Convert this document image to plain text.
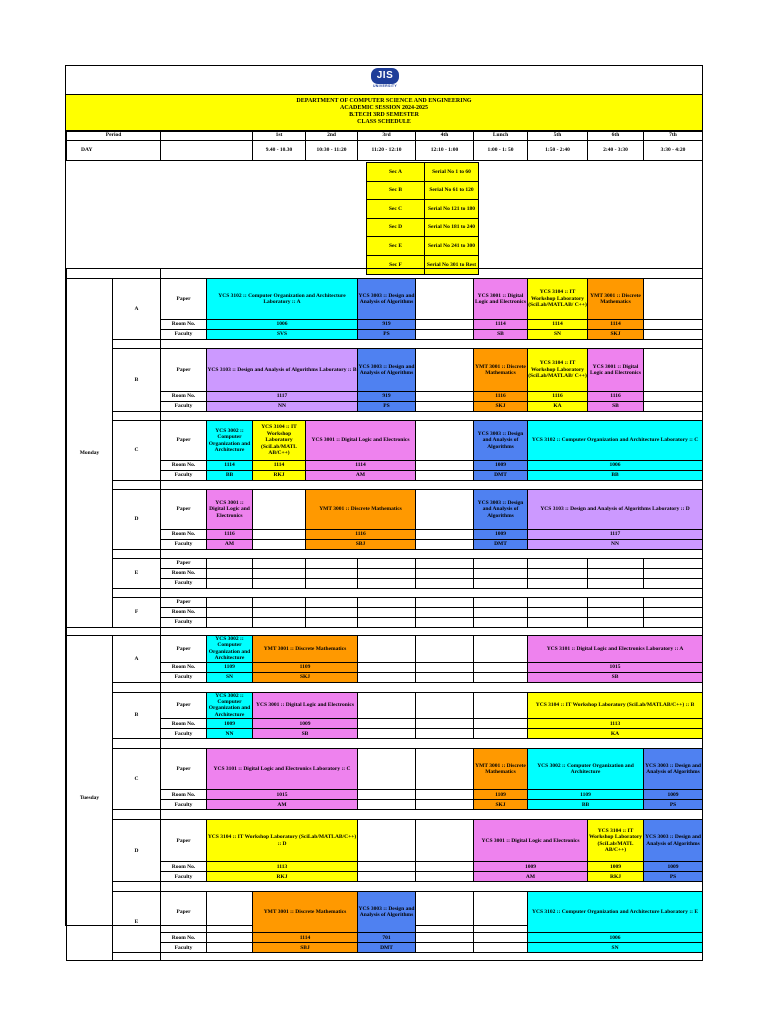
JIS
UNIVERSITY
DEPARTMENT OF COMPUTER SCIENCE AND ENGINEERING
ACADEMIC SESSION 2024-2025
B.TECH 3RD SEMESTER
CLASS SCHEDULE
Period		1st	2nd	3rd	4th	Lunch	5th	6th	7th	
DAY		9.40 - 10.30	10:30 - 11:20	11:20 - 12:10	12:10 - 1:00	1:00 - 1: 50	1:50 - 2:40	2:40 - 3:30	3:30 - 4:20	
Sec A	Serial No 1 to 60
Sec B	Serial No 61 to 120
Sec C	Serial No 121 to 180
Sec D	Serial No 181 to 240
Sec E	Serial No 241 to 300
Sec F	Serial No 301 to Rest

Monday	A	Paper	YCS 3102 :: Computer Organization and Architecture Laboratory :: A			YCS 3003 :: Design and Analysis of Algorithms		YCS 3001 :: Digital Logic and Electronics	YCS 3104 :: IT Workshop Laboratory (SciLab/MATLAB/ C++)	YMT 3001 :: Discrete Mathematics	
		Room No.	1006			919		1114	1114	1114	
		Faculty	SVS			PS		SB	SN	SKJ	

	B	Paper	YCS 3103 :: Design and Analysis of Algorithms Laboratory :: B			YCS 3003 :: Design and Analysis of Algorithms		YMT 3001 :: Discrete Mathematics	YCS 3104 :: IT Workshop Laboratory (SciLab/MATLAB/ C++)	YCS 3001 :: Digital Logic and Electronics	
		Room No.	1117			919		1116	1116	1116	
		Faculty	NN			PS		SKJ	KA	SB	

	C	Paper	YCS 3002 :: Computer Organization and Architecture	YCS 3104 :: IT Workshop Laboratory (SciLab/MATL AB/C++)	YCS 3001 :: Digital Logic and Electronics			YCS 3003 :: Design and Analysis of Algorithms	YCS 3102 :: Computer Organization and Architecture Laboratory :: C		
		Room No.	1114	1114	1114			1009	1006		
		Faculty	BB	RKJ	AM			DMT	BB		

	D	Paper	YCS 3001 :: Digital Logic and Electronics		YMT 3001 :: Discrete Mathematics			YCS 3003 :: Design and Analysis of Algorithms	YCS 3103 :: Design and Analysis of Algorithms Laboratory :: D		
		Room No.	1116		1116			1009	1117		
		Faculty	AM		SBJ			DMT	NN		

	E	Paper									
		Room No.									
		Faculty									

	F	Paper									
		Room No.									
		Faculty									

Tuesday	A	Paper	YCS 3002 :: Computer Organization and Architecture	YMT 3001 :: Discrete Mathematics				YCS 3101 :: Digital Logic and Electronics Laboratory :: A		
		Room No.	1109	1109				1015		
		Faculty	SN	SKJ				SB		

	B	Paper	YCS 3002 :: Computer Organization and Architecture	YCS 3001 :: Digital Logic and Electronics				YCS 3104 :: IT Workshop Laboratory (SciLab/MATLAB/C++) :: B		
		Room No.	1009	1009				1113		
		Faculty	NN	SB				KA		

	C	Paper	YCS 3101 :: Digital Logic and Electronics Laboratory :: C				YMT 3001 :: Discrete Mathematics	YCS 3002 :: Computer Organization and Architecture		YCS 3003 :: Design and Analysis of Algorithms
		Room No.	1015				1109	1109		1009
		Faculty	AM				SKJ	BB		PS

	D	Paper	YCS 3104 :: IT Workshop Laboratory (SciLab/MATLAB/C++) :: D				YCS 3001 :: Digital Logic and Electronics		YCS 3104 :: IT Workshop Laboratory (SciLab/MATL AB/C++)	YCS 3003 :: Design and Analysis of Algorithms
		Room No.	1113				1009		1009	1009
		Faculty	RKJ				AM		RKJ	PS

	E	Paper		YMT 3001 :: Discrete Mathematics	YCS 3003 :: Design and Analysis of Algorithms			YCS 3102 :: Computer Organization and Architecture Laboratory :: E		
		Room No.		1114	701			1006		
		Faculty		SBJ	DMT			SN		
